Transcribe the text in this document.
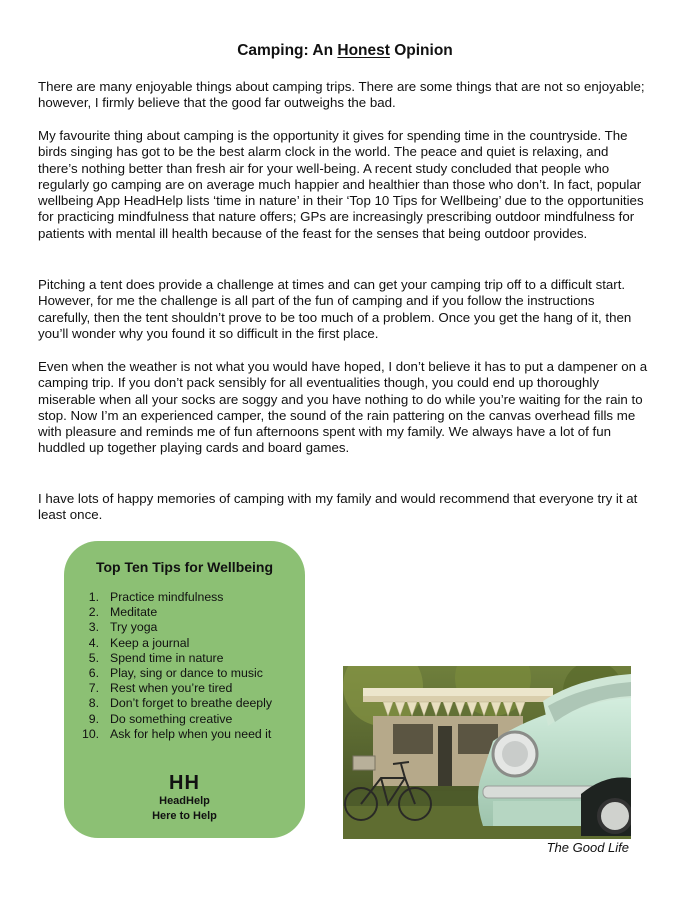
Camping: An Honest Opinion

There are many enjoyable things about camping trips. There are some things that are not so enjoyable; however, I firmly believe that the good far outweighs the bad.

My favourite thing about camping is the opportunity it gives for spending time in the countryside. The birds singing has got to be the best alarm clock in the world. The peace and quiet is relaxing, and there’s nothing better than fresh air for your well-being. A recent study concluded that people who regularly go camping are on average much happier and healthier than those who don’t. In fact, popular wellbeing App HeadHelp lists ‘time in nature’ in their ‘Top 10 Tips for Wellbeing’ due to the opportunities for practicing mindfulness that nature offers; GPs are increasingly prescribing outdoor mindfulness for patients with mental ill health because of the feast for the senses that being outdoor provides.

Pitching a tent does provide a challenge at times and can get your camping trip off to a difficult start. However, for me the challenge is all part of the fun of camping and if you follow the instructions carefully, then the tent shouldn’t prove to be too much of a problem. Once you get the hang of it, then you’ll wonder why you found it so difficult in the first place.

Even when the weather is not what you would have hoped, I don’t believe it has to put a dampener on a camping trip. If you don’t pack sensibly for all eventualities though, you could end up thoroughly miserable when all your socks are soggy and you have nothing to do while you’re waiting for the rain to stop. Now I’m an experienced camper, the sound of the rain pattering on the canvas overhead fills me with pleasure and reminds me of fun afternoons spent with my family. We always have a lot of fun huddled up together playing cards and board games.

I have lots of happy memories of camping with my family and would recommend that everyone try it at least once.

Top Ten Tips for Wellbeing
1. Practice mindfulness
2. Meditate
3. Try yoga
4. Keep a journal
5. Spend time in nature
6. Play, sing or dance to music
7. Rest when you’re tired
8. Don’t forget to breathe deeply
9. Do something creative
10. Ask for help when you need it
HH
HeadHelp
Here to Help
The Good Life
